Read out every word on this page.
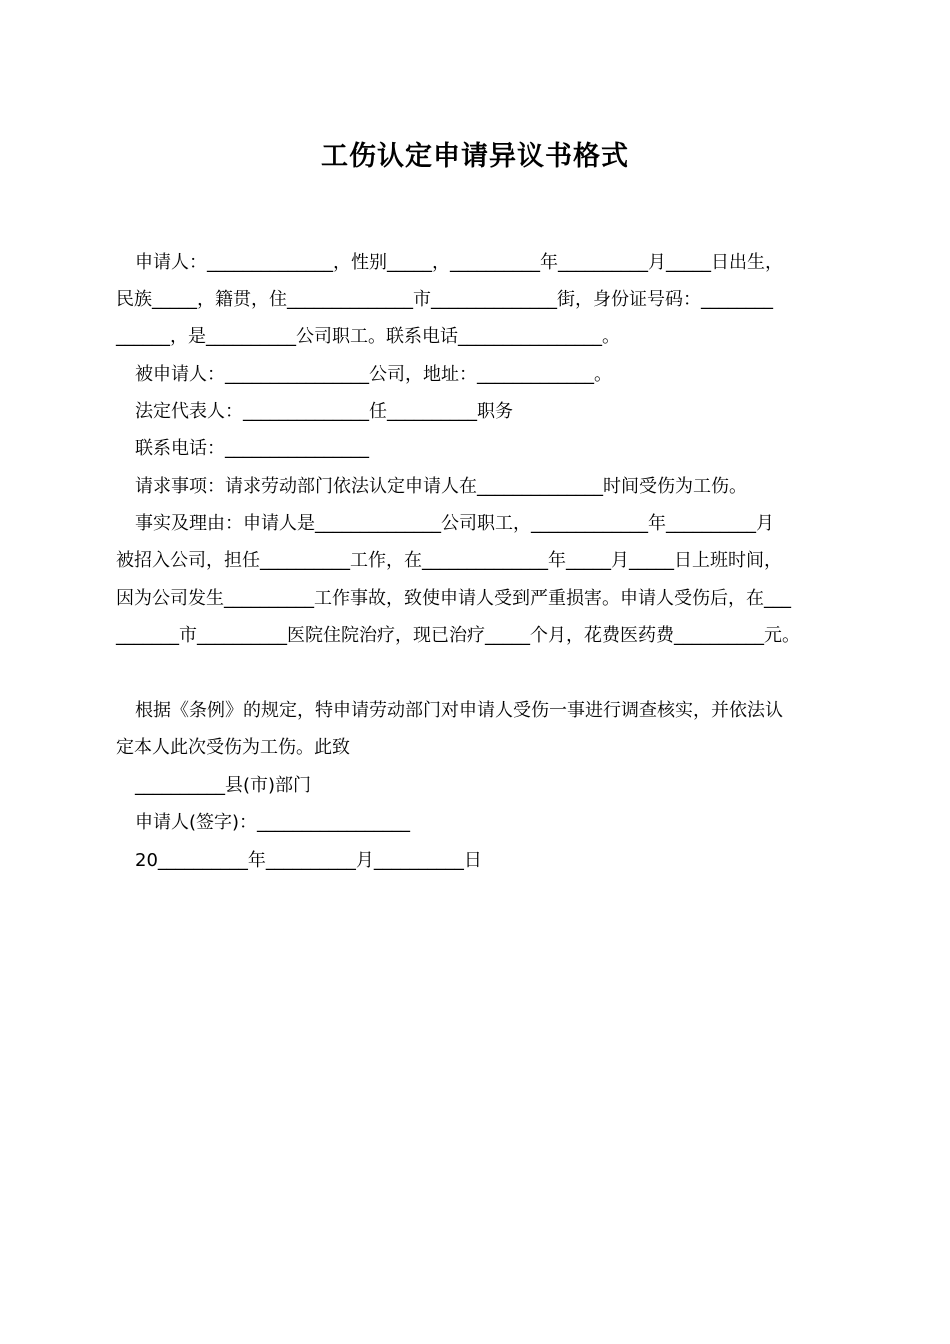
工伤认定申请异议书格式

申请人：______________，性别_____，__________年__________月_____日出生，

民族_____，籍贯，住______________市______________街，身份证号码：________

______，是__________公司职工。联系电话________________。

被申请人：________________公司，地址：_____________。

法定代表人：______________任__________职务

联系电话：________________

请求事项：请求劳动部门依法认定申请人在______________时间受伤为工伤。

事实及理由：申请人是______________公司职工，_____________年__________月

被招入公司，担任__________工作，在______________年_____月_____日上班时间，

因为公司发生__________工作事故，致使申请人受到严重损害。申请人受伤后，在___

_______市__________医院住院治疗，现已治疗_____个月，花费医药费__________元。

根据《条例》的规定，特申请劳动部门对申请人受伤一事进行调查核实，并依法认

定本人此次受伤为工伤。此致

__________县(市)部门

申请人(签字)：_________________

20__________年__________月__________日
